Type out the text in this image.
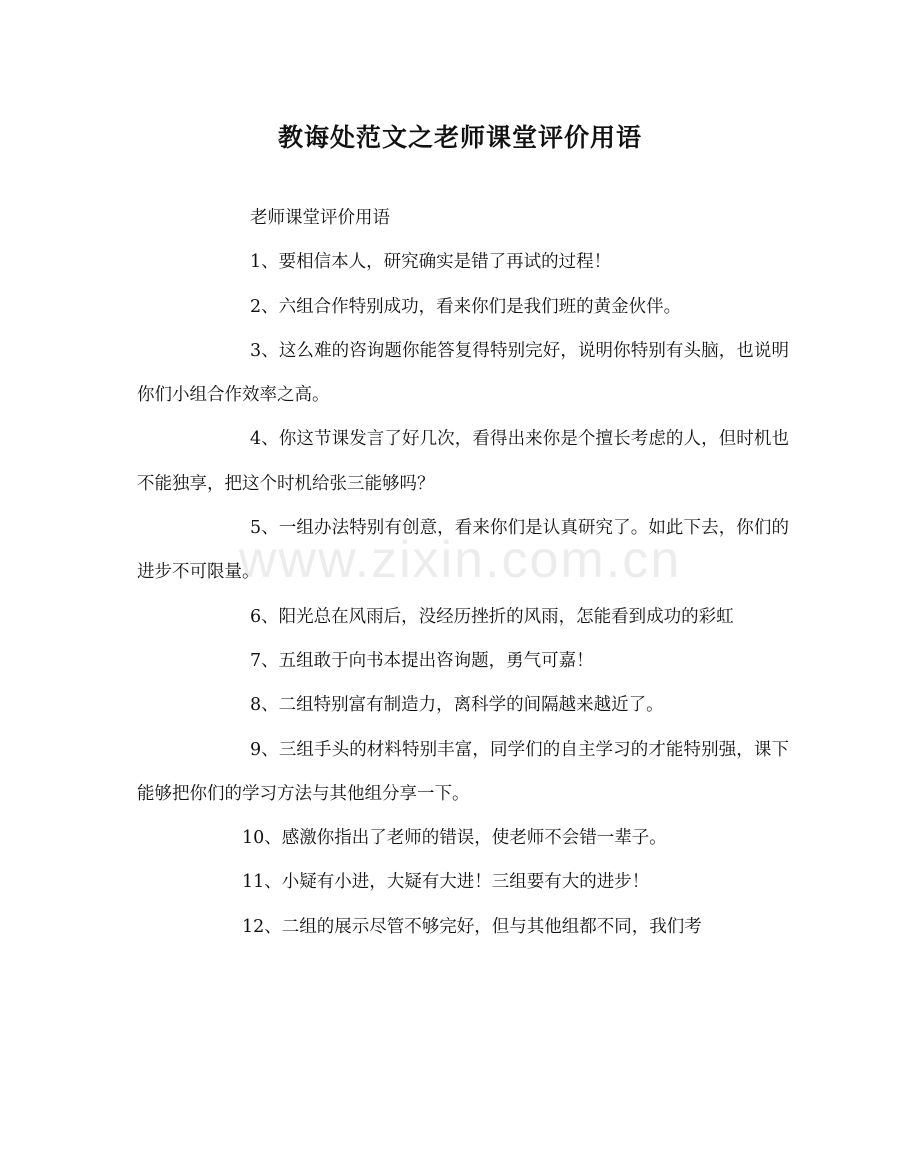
教诲处范文之老师课堂评价用语
www.zixin.com.cn

老师课堂评价用语

1、要相信本人，研究确实是错了再试的过程！

2、六组合作特别成功，看来你们是我们班的黄金伙伴。

3、这么难的咨询题你能答复得特别完好，说明你特别有头脑，也说明你们小组合作效率之高。

4、你这节课发言了好几次，看得出来你是个擅长考虑的人，但时机也不能独享，把这个时机给张三能够吗？

5、一组办法特别有创意，看来你们是认真研究了。如此下去，你们的进步不可限量。

6、阳光总在风雨后，没经历挫折的风雨，怎能看到成功的彩虹

7、五组敢于向书本提出咨询题，勇气可嘉！

8、二组特别富有制造力，离科学的间隔越来越近了。

9、三组手头的材料特别丰富，同学们的自主学习的才能特别强，课下能够把你们的学习方法与其他组分享一下。

10、感激你指出了老师的错误，使老师不会错一辈子。

11、小疑有小进，大疑有大进！三组要有大的进步！

12、二组的展示尽管不够完好，但与其他组都不同，我们考
